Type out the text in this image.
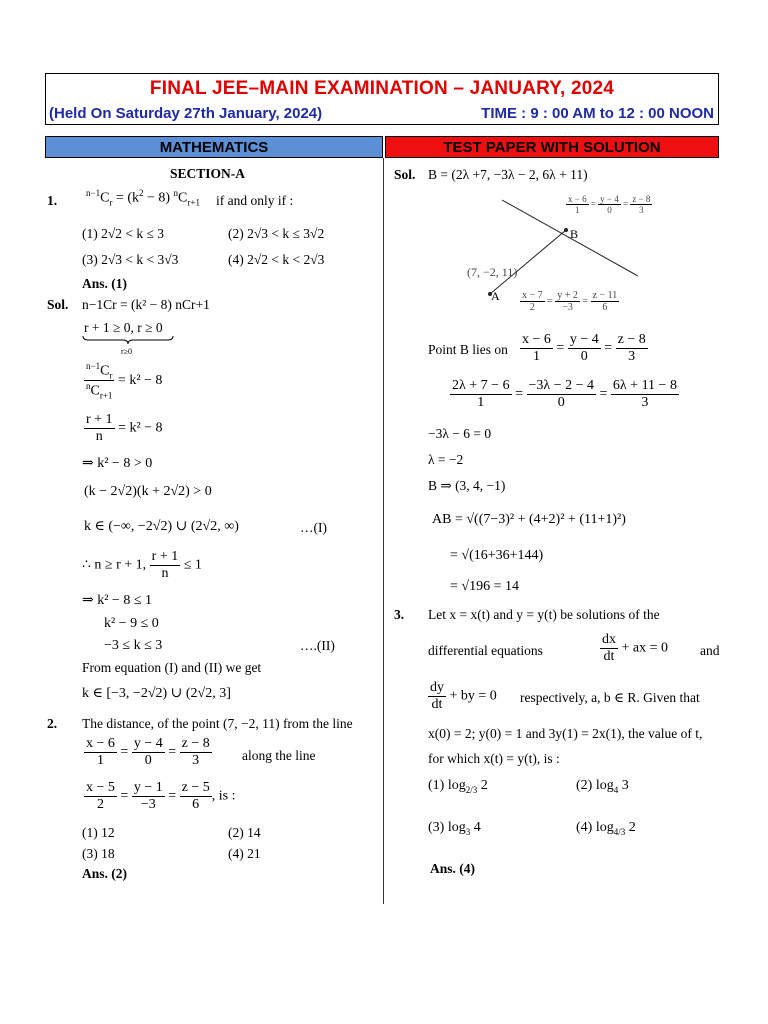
FINAL JEE–MAIN EXAMINATION – JANUARY, 2024
(Held On Saturday 27th January, 2024)	TIME : 9 : 00 AM to 12 : 00 NOON
MATHEMATICS	TEST PAPER WITH SOLUTION
SECTION-A
1.	$^{n-1}C_r = (k^2 - 8)$ $^nC_{r+1}$ if and only if :
(1) 2√2 < k ≤ 3	(2) 2√3 < k ≤ 3√2
(3) 2√3 < k < 3√3	(4) 2√2 < k < 2√3
Ans. (1)
Sol. n−1Cr = (k² − 8) nCr+1
r + 1 ≥ 0, r ≥ 0
r≥0
$\frac{^{n-1}C_r}{^nC_{r+1}} = k^2 - 8$
$\frac{r + 1}{n} = k^2 - 8$
⇒ k² − 8 > 0
(k − 2√2)(k + 2√2) > 0
k ∈ (−∞, −2√2) ∪ (2√2, ∞)	…(I)
∴ n ≥ r + 1, $\frac{r + 1}{n} \le 1$
⇒ k² − 8 ≤ 1
k² − 9 ≤ 0
−3 ≤ k ≤ 3	….(II)
From equation (I) and (II) we get
k ∈ [−3, −2√2) ∪ (2√2, 3]
2. The distance, of the point (7, −2, 11) from the line
$\frac{x - 6}{1} = \frac{y - 4}{0} = \frac{z - 8}{3}$ along the line
$\frac{x - 5}{2} = \frac{y - 1}{-3} = \frac{z - 5}{6}$ , is :
(1) 12	(2) 14
(3) 18	(4) 21
Ans. (2)
Sol. B = (2λ +7, −3λ − 2, 6λ + 11)
B
A
(7, −2, 11)
$\frac{x - 6}{1} = \frac{y - 4}{0} = \frac{z - 8}{3}$
$\frac{x - 7}{2} = \frac{y + 2}{-3} = \frac{z - 11}{6}$
Point B lies on $\frac{x - 6}{1} = \frac{y - 4}{0} = \frac{z - 8}{3}$
$\frac{2\lambda + 7 - 6}{1} = \frac{-3\lambda - 2 - 4}{0} = \frac{6\lambda + 11 - 8}{3}$
−3λ − 6 = 0
λ = −2
B ⇒ (3, 4, −1)
AB = √((7−3)² + (4+2)² + (11+1)²)
= √(16+36+144)
= √196 = 14
3. Let x = x(t) and y = y(t) be solutions of the
differential equations	$\frac{dx}{dt}$ + ax = 0 and
$\frac{dy}{dt}$ + by = 0 respectively, a, b ∈ R. Given that
x(0) = 2; y(0) = 1 and 3y(1) = 2x(1), the value of t,
for which x(t) = y(t), is :
(1) $\log_{2/3} 2$	(2) $\log_4 3$
(3) $\log_3 4$	(4) $\log_{4/3} 2$
Ans. (4)
